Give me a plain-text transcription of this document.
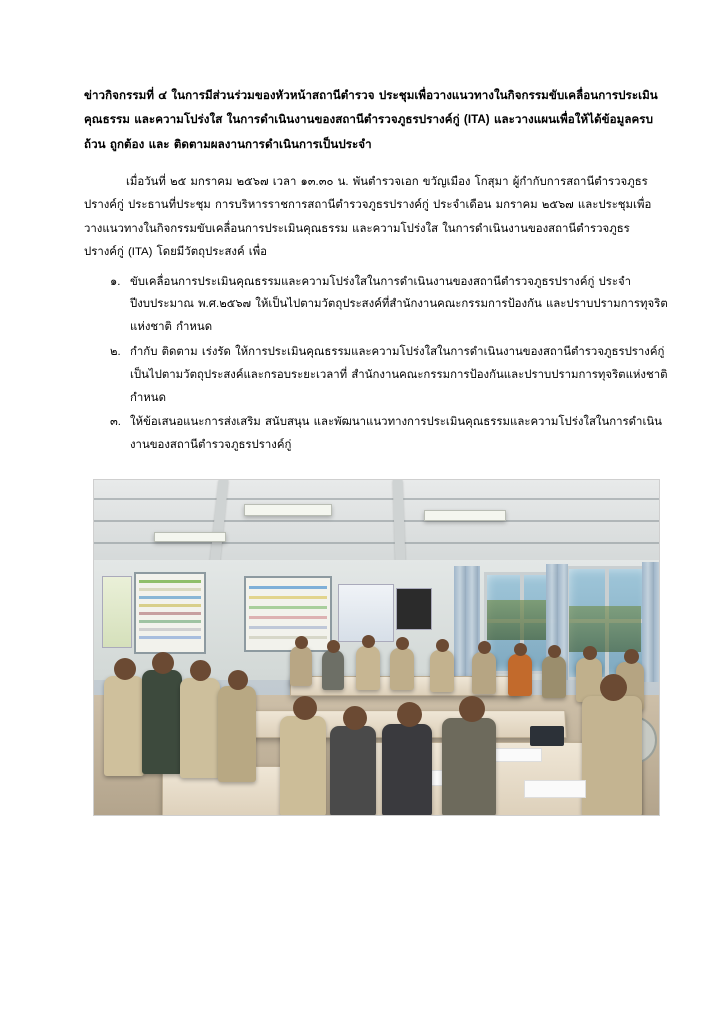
ข่าวกิจกรรมที่ ๔ ในการมีส่วนร่วมของหัวหน้าสถานีตำรวจ ประชุมเพื่อวางแนวทางในกิจกรรมขับเคลื่อนการประเมินคุณธรรม และความโปร่งใส ในการดำเนินงานของสถานีตำรวจภูธรปรางค์กู่ (ITA) และวางแผนเพื่อให้ได้ข้อมูลครบถ้วน ถูกต้อง และ ติดตามผลงานการดำเนินการเป็นประจำ
เมื่อวันที่ ๒๕ มกราคม ๒๕๖๗ เวลา ๑๓.๓๐ น. พันตำรวจเอก ขวัญเมือง โกสุมา ผู้กำกับการสถานีตำรวจภูธรปรางค์กู่ ประธานที่ประชุม การบริหารราชการสถานีตำรวจภูธรปรางค์กู่ ประจำเดือน มกราคม ๒๕๖๗ และประชุมเพื่อวางแนวทางในกิจกรรมขับเคลื่อนการประเมินคุณธรรม และความโปร่งใส ในการดำเนินงานของสถานีตำรวจภูธรปรางค์กู่ (ITA) โดยมีวัตถุประสงค์ เพื่อ
๑. ขับเคลื่อนการประเมินคุณธรรมและความโปร่งใสในการดำเนินงานของสถานีตำรวจภูธรปรางค์กู่ ประจำปีงบประมาณ พ.ศ.๒๕๖๗ ให้เป็นไปตามวัตถุประสงค์ที่สำนักงานคณะกรรมการป้องกัน และปราบปรามการทุจริตแห่งชาติ กำหนด
๒. กำกับ ติดตาม เร่งรัด ให้การประเมินคุณธรรมและความโปร่งใสในการดำเนินงานของสถานีตำรวจภูธรปรางค์กู่ เป็นไปตามวัตถุประสงค์และกรอบระยะเวลาที่ สำนักงานคณะกรรมการป้องกันและปราบปรามการทุจริตแห่งชาติ กำหนด
๓. ให้ข้อเสนอแนะการส่งเสริม สนับสนุน และพัฒนาแนวทางการประเมินคุณธรรมและความโปร่งใสในการดำเนินงานของสถานีตำรวจภูธรปรางค์กู่
